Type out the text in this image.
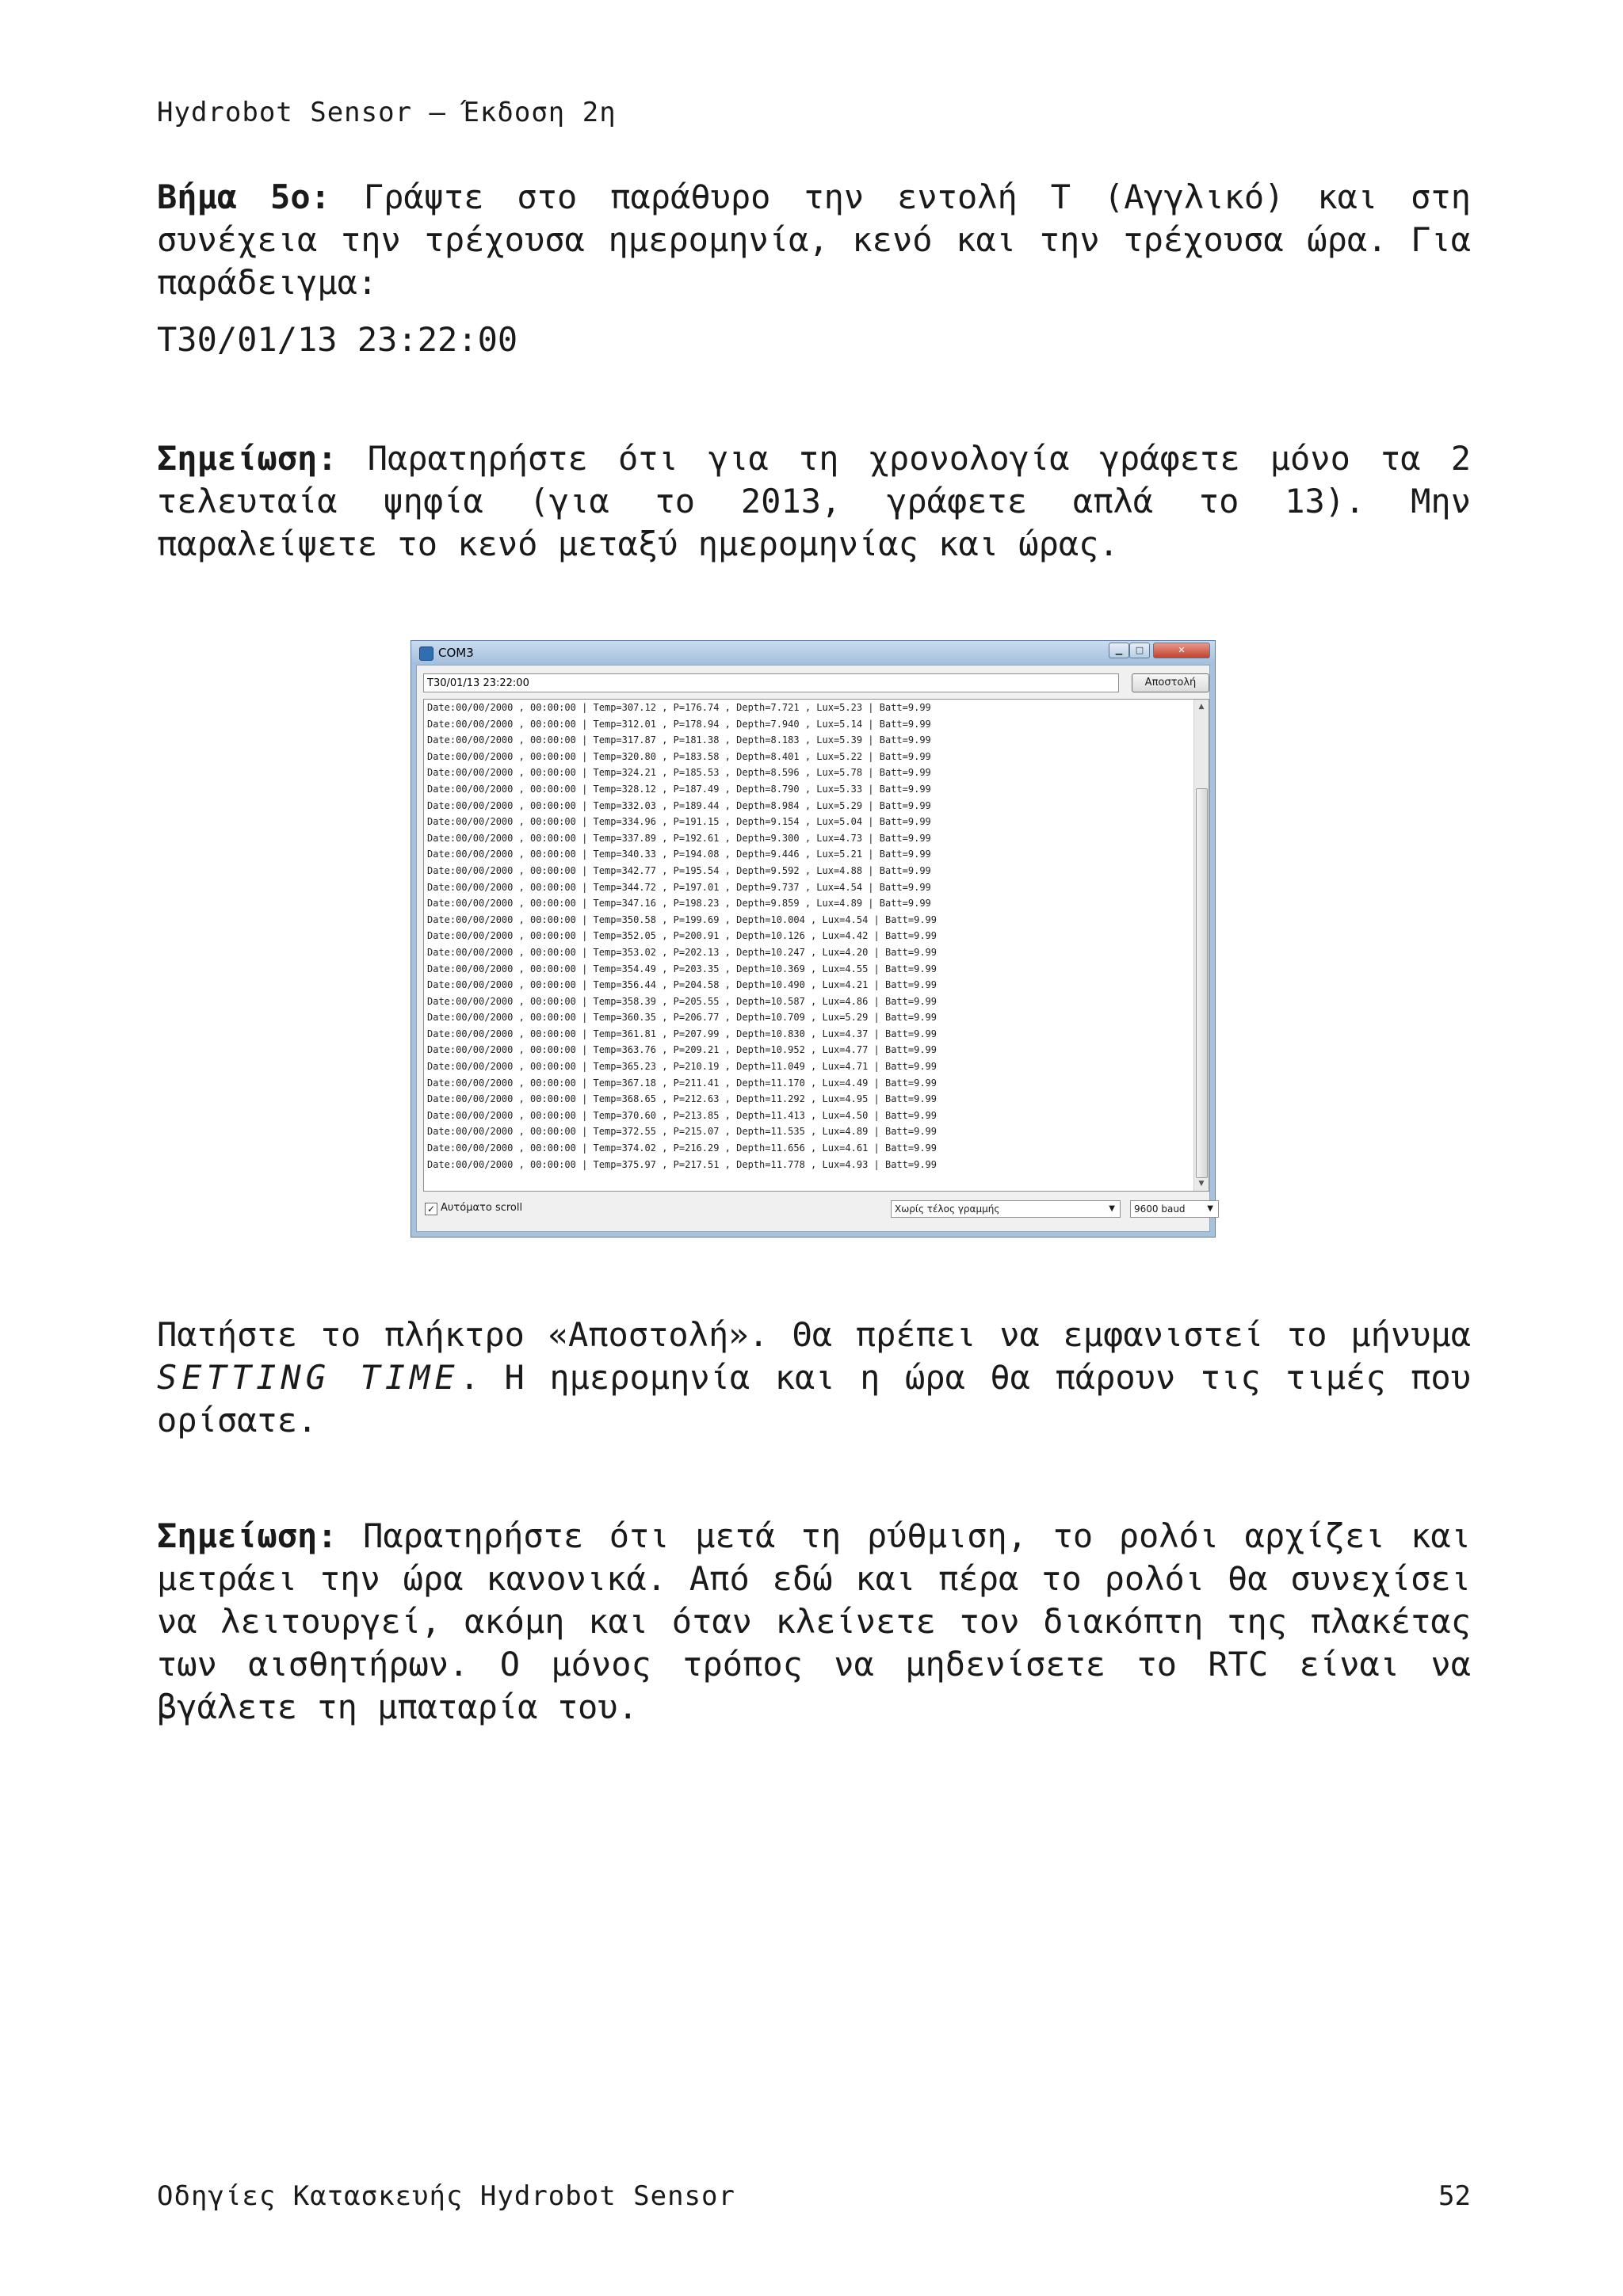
Hydrobot Sensor – Έκδοση 2η
Βήμα 5ο: Γράψτε στο παράθυρο την εντολή T (Αγγλικό) και στη συνέχεια την τρέχουσα ημερομηνία, κενό και την τρέχουσα ώρα. Για παράδειγμα:
T30/01/13 23:22:00
Σημείωση: Παρατηρήστε ότι για τη χρονολογία γράφετε μόνο τα 2 τελευταία ψηφία (για το 2013, γράφετε απλά το 13). Μην παραλείψετε το κενό μεταξύ ημερομηνίας και ώρας.
COM3	▁	□	✕
T30/01/13 23:22:00
Αποστολή
Date:00/00/2000 , 00:00:00 | Temp=307.12 , P=176.74 , Depth=7.721 , Lux=5.23 | Batt=9.99
Date:00/00/2000 , 00:00:00 | Temp=312.01 , P=178.94 , Depth=7.940 , Lux=5.14 | Batt=9.99
Date:00/00/2000 , 00:00:00 | Temp=317.87 , P=181.38 , Depth=8.183 , Lux=5.39 | Batt=9.99
Date:00/00/2000 , 00:00:00 | Temp=320.80 , P=183.58 , Depth=8.401 , Lux=5.22 | Batt=9.99
Date:00/00/2000 , 00:00:00 | Temp=324.21 , P=185.53 , Depth=8.596 , Lux=5.78 | Batt=9.99
Date:00/00/2000 , 00:00:00 | Temp=328.12 , P=187.49 , Depth=8.790 , Lux=5.33 | Batt=9.99
Date:00/00/2000 , 00:00:00 | Temp=332.03 , P=189.44 , Depth=8.984 , Lux=5.29 | Batt=9.99
Date:00/00/2000 , 00:00:00 | Temp=334.96 , P=191.15 , Depth=9.154 , Lux=5.04 | Batt=9.99
Date:00/00/2000 , 00:00:00 | Temp=337.89 , P=192.61 , Depth=9.300 , Lux=4.73 | Batt=9.99
Date:00/00/2000 , 00:00:00 | Temp=340.33 , P=194.08 , Depth=9.446 , Lux=5.21 | Batt=9.99
Date:00/00/2000 , 00:00:00 | Temp=342.77 , P=195.54 , Depth=9.592 , Lux=4.88 | Batt=9.99
Date:00/00/2000 , 00:00:00 | Temp=344.72 , P=197.01 , Depth=9.737 , Lux=4.54 | Batt=9.99
Date:00/00/2000 , 00:00:00 | Temp=347.16 , P=198.23 , Depth=9.859 , Lux=4.89 | Batt=9.99
Date:00/00/2000 , 00:00:00 | Temp=350.58 , P=199.69 , Depth=10.004 , Lux=4.54 | Batt=9.99
Date:00/00/2000 , 00:00:00 | Temp=352.05 , P=200.91 , Depth=10.126 , Lux=4.42 | Batt=9.99
Date:00/00/2000 , 00:00:00 | Temp=353.02 , P=202.13 , Depth=10.247 , Lux=4.20 | Batt=9.99
Date:00/00/2000 , 00:00:00 | Temp=354.49 , P=203.35 , Depth=10.369 , Lux=4.55 | Batt=9.99
Date:00/00/2000 , 00:00:00 | Temp=356.44 , P=204.58 , Depth=10.490 , Lux=4.21 | Batt=9.99
Date:00/00/2000 , 00:00:00 | Temp=358.39 , P=205.55 , Depth=10.587 , Lux=4.86 | Batt=9.99
Date:00/00/2000 , 00:00:00 | Temp=360.35 , P=206.77 , Depth=10.709 , Lux=5.29 | Batt=9.99
Date:00/00/2000 , 00:00:00 | Temp=361.81 , P=207.99 , Depth=10.830 , Lux=4.37 | Batt=9.99
Date:00/00/2000 , 00:00:00 | Temp=363.76 , P=209.21 , Depth=10.952 , Lux=4.77 | Batt=9.99
Date:00/00/2000 , 00:00:00 | Temp=365.23 , P=210.19 , Depth=11.049 , Lux=4.71 | Batt=9.99
Date:00/00/2000 , 00:00:00 | Temp=367.18 , P=211.41 , Depth=11.170 , Lux=4.49 | Batt=9.99
Date:00/00/2000 , 00:00:00 | Temp=368.65 , P=212.63 , Depth=11.292 , Lux=4.95 | Batt=9.99
Date:00/00/2000 , 00:00:00 | Temp=370.60 , P=213.85 , Depth=11.413 , Lux=4.50 | Batt=9.99
Date:00/00/2000 , 00:00:00 | Temp=372.55 , P=215.07 , Depth=11.535 , Lux=4.89 | Batt=9.99
Date:00/00/2000 , 00:00:00 | Temp=374.02 , P=216.29 , Depth=11.656 , Lux=4.61 | Batt=9.99
Date:00/00/2000 , 00:00:00 | Temp=375.97 , P=217.51 , Depth=11.778 , Lux=4.93 | Batt=9.99
▲
▼
✓ Αυτόματο scroll	Χωρίς τέλος γραμμής	▼	9600 baud	▼
Πατήστε το πλήκτρο «Αποστολή». Θα πρέπει να εμφανιστεί το μήνυμα SETTING TIME. Η ημερομηνία και η ώρα θα πάρουν τις τιμές που ορίσατε.
Σημείωση: Παρατηρήστε ότι μετά τη ρύθμιση, το ρολόι αρχίζει και μετράει την ώρα κανονικά. Από εδώ και πέρα το ρολόι θα συνεχίσει να λειτουργεί, ακόμη και όταν κλείνετε τον διακόπτη της πλακέτας των αισθητήρων. Ο μόνος τρόπος να μηδενίσετε το RTC είναι να βγάλετε τη μπαταρία του.
Οδηγίες Κατασκευής Hydrobot Sensor	52
